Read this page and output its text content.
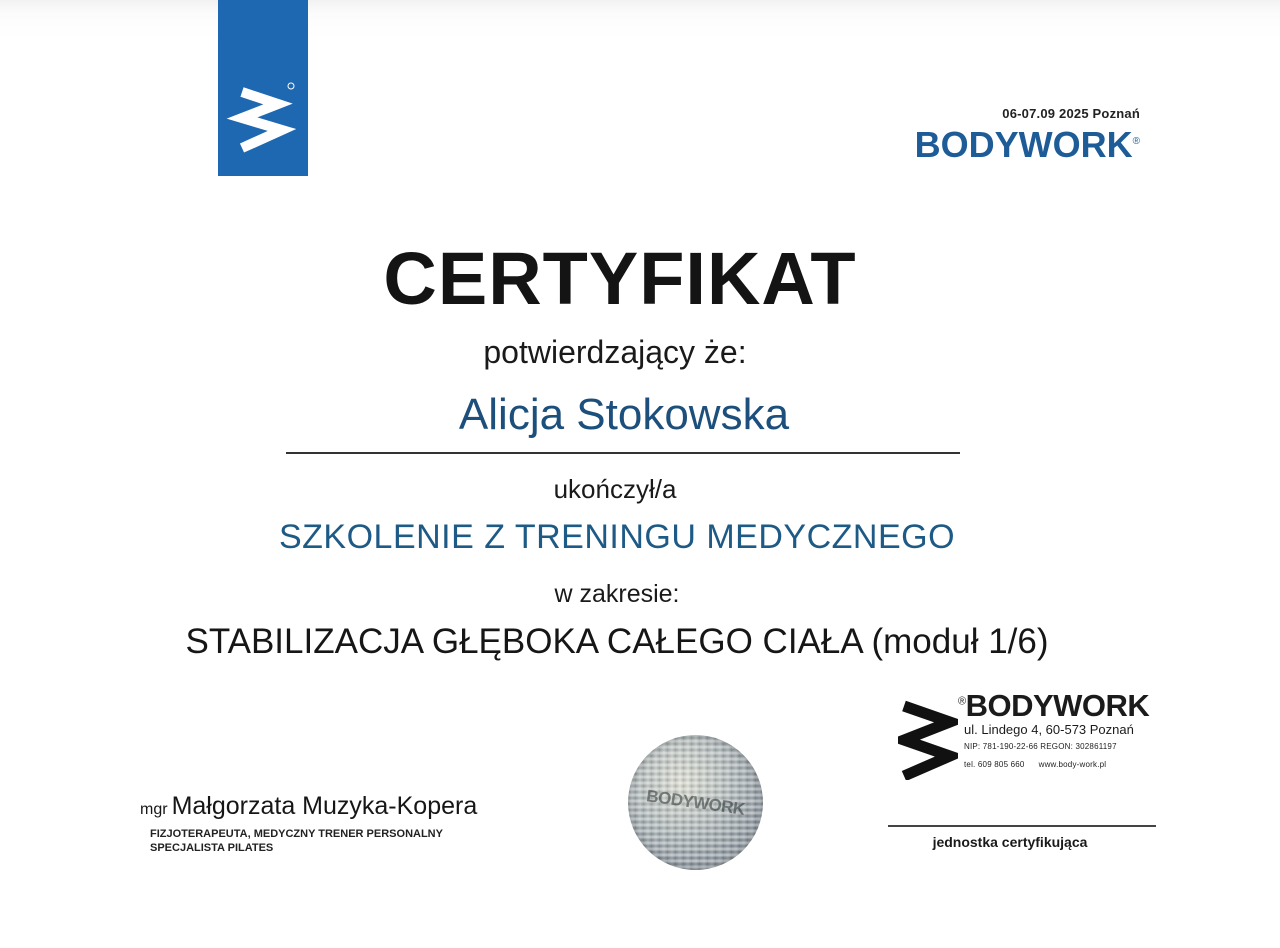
06-07.09 2025 Poznań
BODYWORK®
CERTYFIKAT
potwierdzający że:
Alicja Stokowska
ukończył/a
SZKOLENIE Z TRENINGU MEDYCZNEGO
w zakresie:
STABILIZACJA GŁĘBOKA CAŁEGO CIAŁA (moduł 1/6)
®BODYWORK
ul. Lindego 4, 60-573 Poznań
NIP: 781-190-22-66 REGON: 302861197
tel. 609 805 660 www.body-work.pl
BODYWORK
mgr Małgorzata Muzyka-Kopera
FIZJOTERAPEUTA, MEDYCZNY TRENER PERSONALNY
SPECJALISTA PILATES	jednostka certyfikująca
